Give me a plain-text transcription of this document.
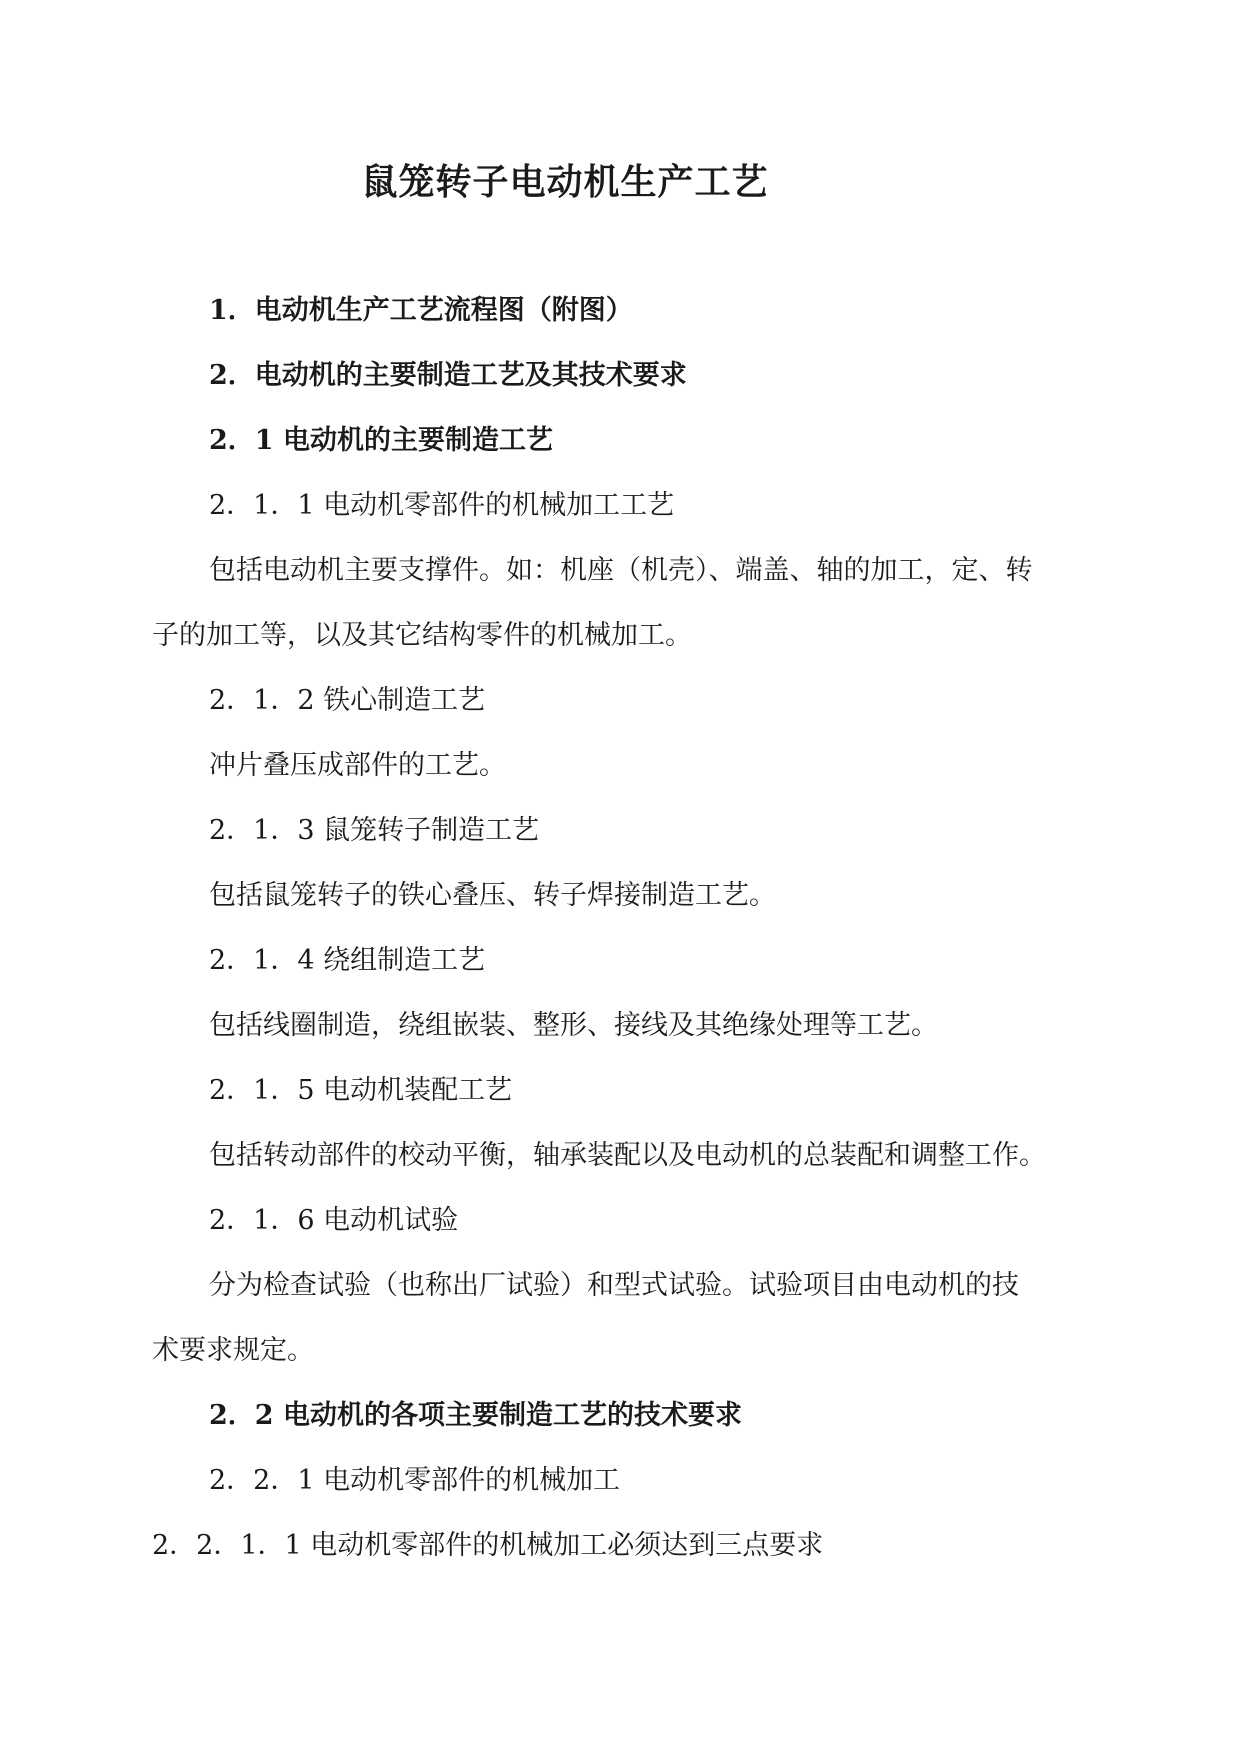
鼠笼转子电动机生产工艺
1．电动机生产工艺流程图（附图）
2．电动机的主要制造工艺及其技术要求
2．1 电动机的主要制造工艺
2．1．1 电动机零部件的机械加工工艺
包括电动机主要支撑件。如：机座（机壳）、端盖、轴的加工，定、转
子的加工等，以及其它结构零件的机械加工。
2．1．2 铁心制造工艺
冲片叠压成部件的工艺。
2．1．3 鼠笼转子制造工艺
包括鼠笼转子的铁心叠压、转子焊接制造工艺。
2．1．4 绕组制造工艺
包括线圈制造，绕组嵌装、整形、接线及其绝缘处理等工艺。
2．1．5 电动机装配工艺
包括转动部件的校动平衡，轴承装配以及电动机的总装配和调整工作。
2．1．6 电动机试验
分为检查试验（也称出厂试验）和型式试验。试验项目由电动机的技
术要求规定。
2．2 电动机的各项主要制造工艺的技术要求
2．2．1 电动机零部件的机械加工
2．2．1．1 电动机零部件的机械加工必须达到三点要求
